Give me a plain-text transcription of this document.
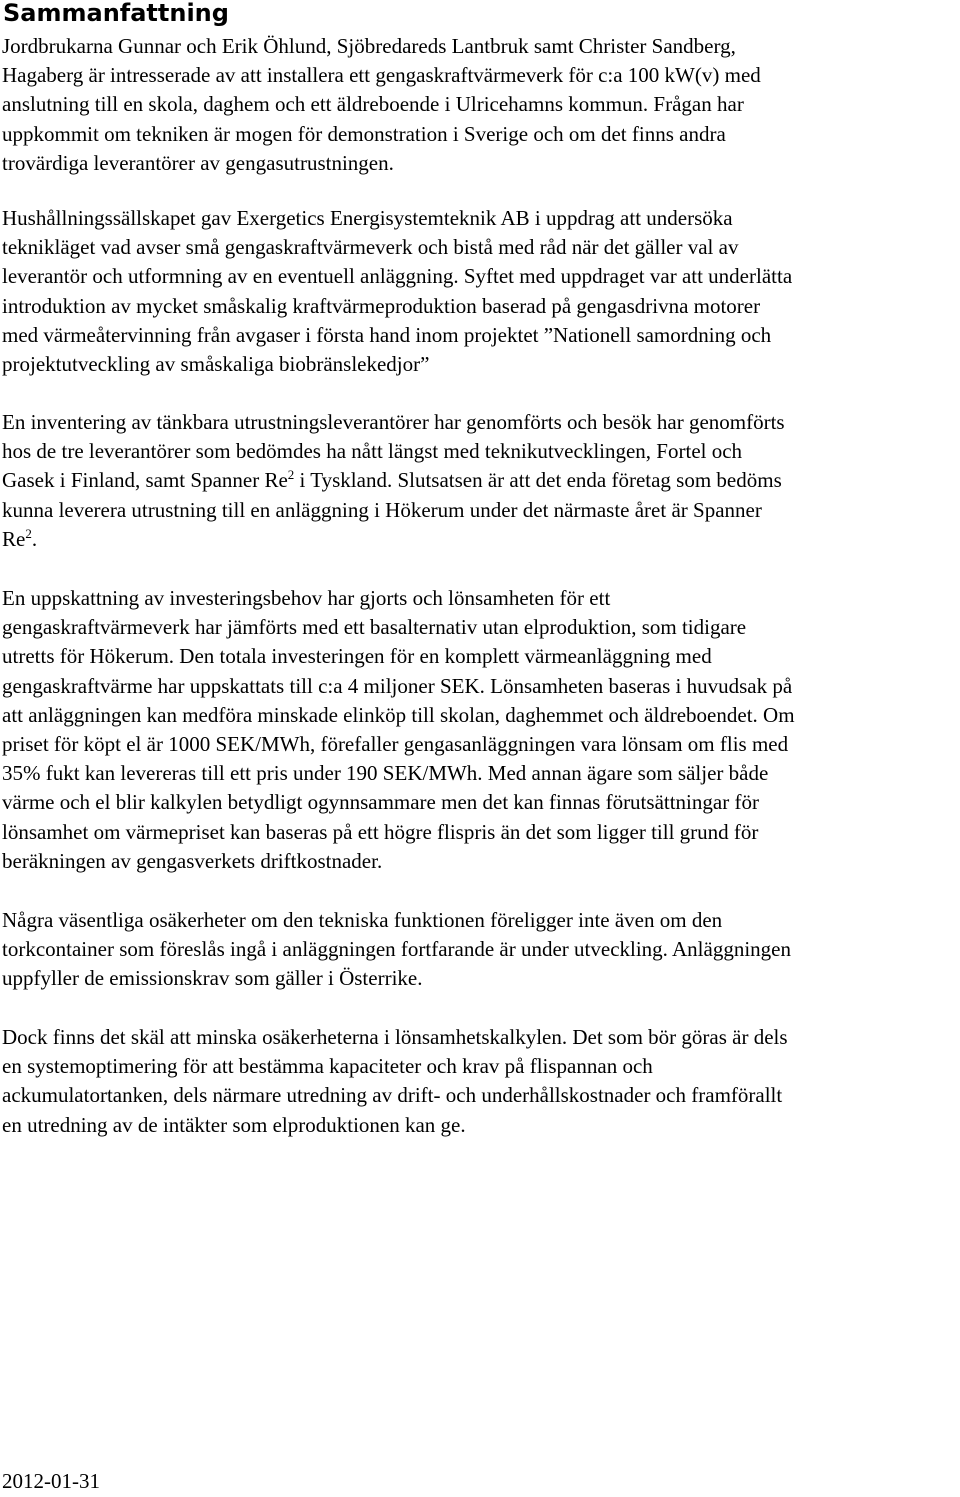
Sammanfattning

Jordbrukarna Gunnar och Erik Öhlund, Sjöbredareds Lantbruk samt Christer Sandberg,
Hagaberg är intresserade av att installera ett gengaskraftvärmeverk för c:a 100 kW(v) med
anslutning till en skola, daghem och ett äldreboende i Ulricehamns kommun. Frågan har
uppkommit om tekniken är mogen för demonstration i Sverige och om det finns andra
trovärdiga leverantörer av gengasutrustningen.

Hushållningssällskapet gav Exergetics Energisystemteknik AB i uppdrag att undersöka
teknikläget vad avser små gengaskraftvärmeverk och bistå med råd när det gäller val av
leverantör och utformning av en eventuell anläggning. Syftet med uppdraget var att underlätta
introduktion av mycket småskalig kraftvärmeproduktion baserad på gengasdrivna motorer
med värmeåtervinning från avgaser i första hand inom projektet ”Nationell samordning och
projektutveckling av småskaliga biobränslekedjor”

En inventering av tänkbara utrustningsleverantörer har genomförts och besök har genomförts
hos de tre leverantörer som bedömdes ha nått längst med teknikutvecklingen, Fortel och
Gasek i Finland, samt Spanner Re$^2$ i Tyskland. Slutsatsen är att det enda företag som bedöms
kunna leverera utrustning till en anläggning i Hökerum under det närmaste året är Spanner
Re$^2$.

En uppskattning av investeringsbehov har gjorts och lönsamheten för ett
gengaskraftvärmeverk har jämförts med ett basalternativ utan elproduktion, som tidigare
utretts för Hökerum. Den totala investeringen för en komplett värmeanläggning med
gengaskraftvärme har uppskattats till c:a 4 miljoner SEK. Lönsamheten baseras i huvudsak på
att anläggningen kan medföra minskade elinköp till skolan, daghemmet och äldreboendet. Om
priset för köpt el är 1000 SEK/MWh, förefaller gengasanläggningen vara lönsam om flis med
35% fukt kan levereras till ett pris under 190 SEK/MWh. Med annan ägare som säljer både
värme och el blir kalkylen betydligt ogynnsammare men det kan finnas förutsättningar för
lönsamhet om värmepriset kan baseras på ett högre flispris än det som ligger till grund för
beräkningen av gengasverkets driftkostnader.

Några väsentliga osäkerheter om den tekniska funktionen föreligger inte även om den
torkcontainer som föreslås ingå i anläggningen fortfarande är under utveckling. Anläggningen
uppfyller de emissionskrav som gäller i Österrike.

Dock finns det skäl att minska osäkerheterna i lönsamhetskalkylen. Det som bör göras är dels
en systemoptimering för att bestämma kapaciteter och krav på flispannan och
ackumulatortanken, dels närmare utredning av drift- och underhållskostnader och framförallt
en utredning av de intäkter som elproduktionen kan ge.

2012-01-31
